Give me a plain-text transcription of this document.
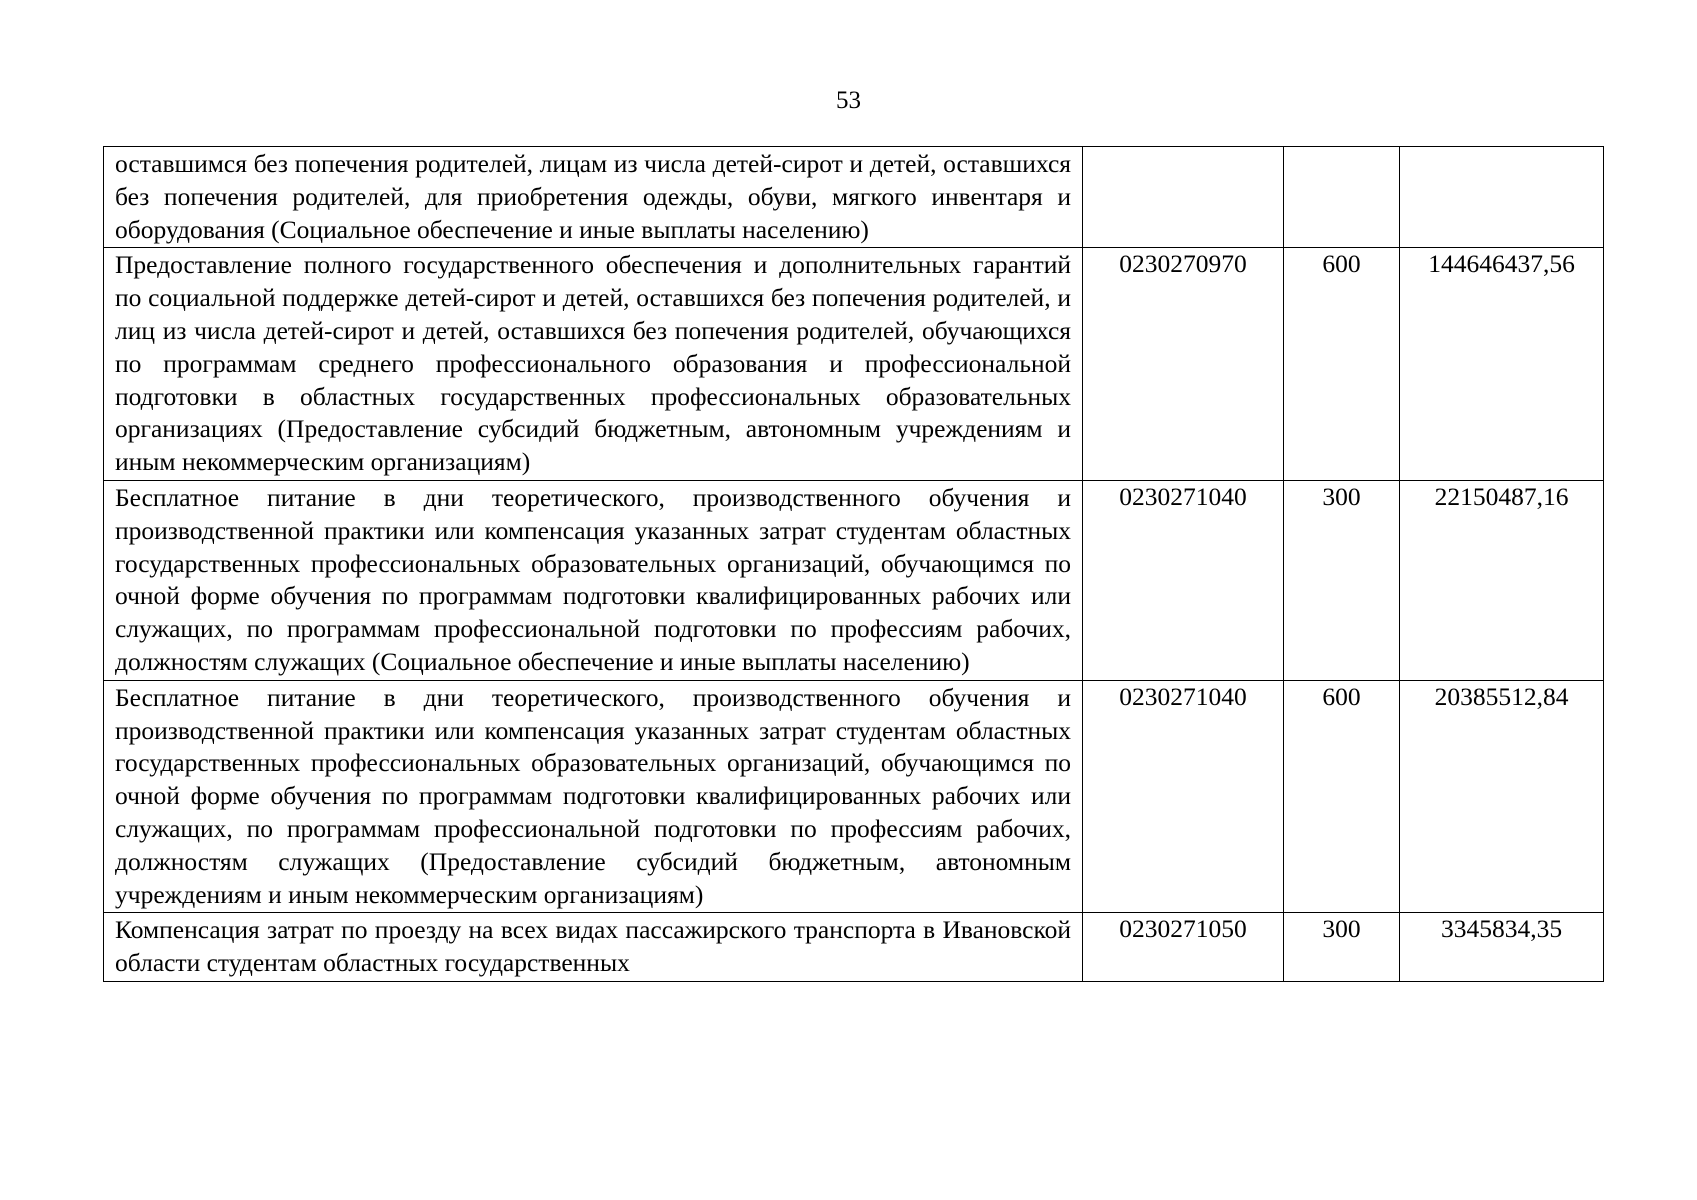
53
оставшимся без попечения родителей, лицам из числа детей-сирот и детей, оставшихся без попечения родителей, для приобретения одежды, обуви, мягкого инвентаря и оборудования (Социальное обеспечение и иные выплаты населению)			

Предоставление полного государственного обеспечения и дополнительных гарантий по социальной поддержке детей-сирот и детей, оставшихся без попечения родителей, и лиц из числа детей-сирот и детей, оставшихся без попечения родителей, обучающихся по программам среднего профессионального образования и профессиональной подготовки в областных государственных профессиональных образовательных организациях (Предоставление субсидий бюджетным, автономным учреждениям и иным некоммерческим организациям)	0230270970	600	144646437,56

Бесплатное питание в дни теоретического, производственного обучения и производственной практики или компенсация указанных затрат студентам областных государственных профессиональных образовательных организаций, обучающимся по очной форме обучения по программам подготовки квалифицированных рабочих или служащих, по программам профессиональной подготовки по профессиям рабочих, должностям служащих (Социальное обеспечение и иные выплаты населению)	0230271040	300	22150487,16

Бесплатное питание в дни теоретического, производственного обучения и производственной практики или компенсация указанных затрат студентам областных государственных профессиональных образовательных организаций, обучающимся по очной форме обучения по программам подготовки квалифицированных рабочих или служащих, по программам профессиональной подготовки по профессиям рабочих, должностям служащих (Предоставление субсидий бюджетным, автономным учреждениям и иным некоммерческим организациям)	0230271040	600	20385512,84

Компенсация затрат по проезду на всех видах пассажирского транспорта в Ивановской области студентам областных государственных	0230271050	300	3345834,35
